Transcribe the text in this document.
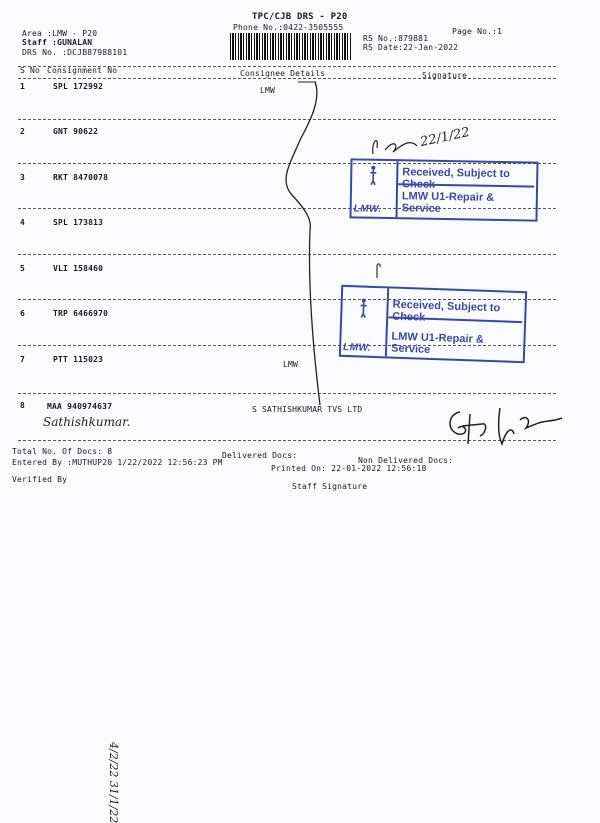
TPC/CJB DRS - P20
Phone No.:0422-3505555	Page No.:1
Area :LMW - P20
Staff :GUNALAN
DRS No. :DCJB87988101
RS No.:879881
RS Date:22-Jan-2022
S No Consignment No	Consignee Details	Signature
1	SPL 172992	LMW
2	GNT 90622
3	RKT 8470078
4	SPL 173813
5	VLI 158460
6	TRP 6466970
7	PTT 115023
LMW
8	MAA 940974637	S SATHISHKUMAR TVS LTD
Sathishkumar.
22/1/22
LMW.
Received, Subject to Check
LMW U1-Repair & Service
LMW.
Received, Subject to Check
LMW U1-Repair & Service
Total No. Of Docs: 8	Delivered Docs:
Non Delivered Docs:
Entered By :MUTHUP20 1/22/2022 12:56:23 PM
Printed On: 22-01-2022 12:56:18
Verified By
Staff Signature
4/2/22 31/1/22
